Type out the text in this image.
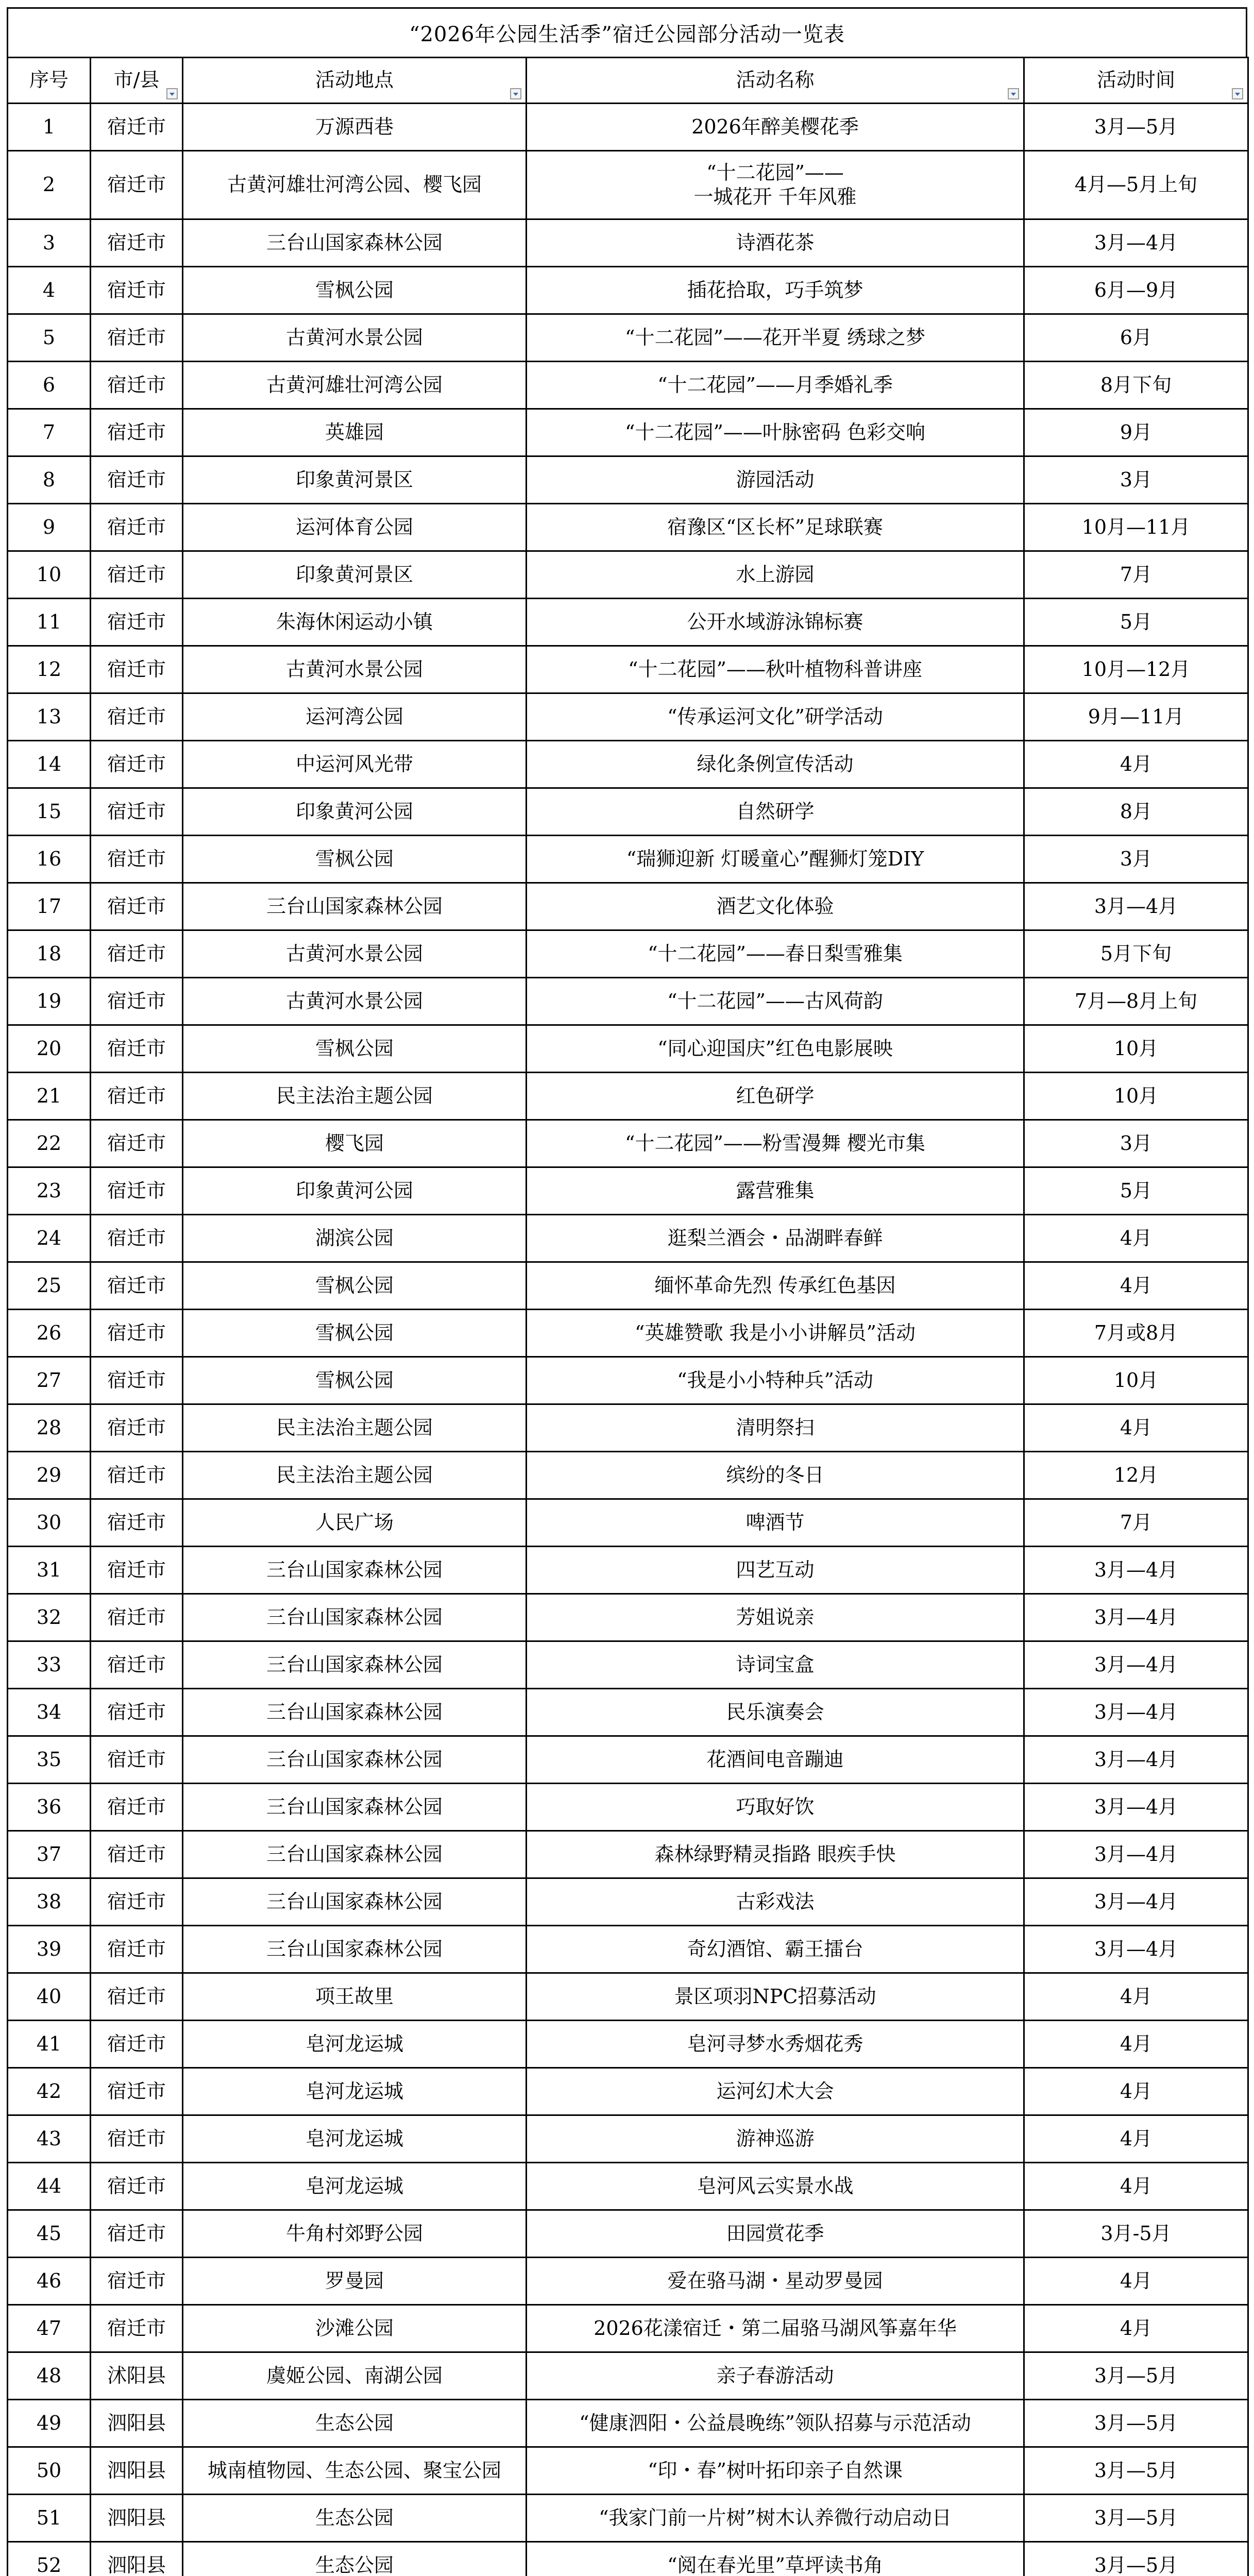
“2026年公园生活季”宿迁公园部分活动一览表
序号	市/县	活动地点	活动名称	活动时间

1	宿迁市	万源西巷	2026年醉美樱花季	3月—5月
2	宿迁市	古黄河雄壮河湾公园、樱飞园	“十二花园”——
一城花开 千年风雅	4月—5月上旬
3	宿迁市	三台山国家森林公园	诗酒花茶	3月—4月
4	宿迁市	雪枫公园	插花拾取，巧手筑梦	6月—9月
5	宿迁市	古黄河水景公园	“十二花园”——花开半夏 绣球之梦	6月
6	宿迁市	古黄河雄壮河湾公园	“十二花园”——月季婚礼季	8月下旬
7	宿迁市	英雄园	“十二花园”——叶脉密码 色彩交响	9月
8	宿迁市	印象黄河景区	游园活动	3月
9	宿迁市	运河体育公园	宿豫区“区长杯”足球联赛	10月—11月
10	宿迁市	印象黄河景区	水上游园	7月
11	宿迁市	朱海休闲运动小镇	公开水域游泳锦标赛	5月
12	宿迁市	古黄河水景公园	“十二花园”——秋叶植物科普讲座	10月—12月
13	宿迁市	运河湾公园	“传承运河文化”研学活动	9月—11月
14	宿迁市	中运河风光带	绿化条例宣传活动	4月
15	宿迁市	印象黄河公园	自然研学	8月
16	宿迁市	雪枫公园	“瑞狮迎新 灯暖童心”醒狮灯笼DIY	3月
17	宿迁市	三台山国家森林公园	酒艺文化体验	3月—4月
18	宿迁市	古黄河水景公园	“十二花园”——春日梨雪雅集	5月下旬
19	宿迁市	古黄河水景公园	“十二花园”——古风荷韵	7月—8月上旬
20	宿迁市	雪枫公园	“同心迎国庆”红色电影展映	10月
21	宿迁市	民主法治主题公园	红色研学	10月
22	宿迁市	樱飞园	“十二花园”——粉雪漫舞 樱光市集	3月
23	宿迁市	印象黄河公园	露营雅集	5月
24	宿迁市	湖滨公园	逛梨兰酒会・品湖畔春鲜	4月
25	宿迁市	雪枫公园	缅怀革命先烈 传承红色基因	4月
26	宿迁市	雪枫公园	“英雄赞歌 我是小小讲解员”活动	7月或8月
27	宿迁市	雪枫公园	“我是小小特种兵”活动	10月
28	宿迁市	民主法治主题公园	清明祭扫	4月
29	宿迁市	民主法治主题公园	缤纷的冬日	12月
30	宿迁市	人民广场	啤酒节	7月
31	宿迁市	三台山国家森林公园	四艺互动	3月—4月
32	宿迁市	三台山国家森林公园	芳姐说亲	3月—4月
33	宿迁市	三台山国家森林公园	诗词宝盒	3月—4月
34	宿迁市	三台山国家森林公园	民乐演奏会	3月—4月
35	宿迁市	三台山国家森林公园	花酒间电音蹦迪	3月—4月
36	宿迁市	三台山国家森林公园	巧取好饮	3月—4月
37	宿迁市	三台山国家森林公园	森林绿野精灵指路 眼疾手快	3月—4月
38	宿迁市	三台山国家森林公园	古彩戏法	3月—4月
39	宿迁市	三台山国家森林公园	奇幻酒馆、霸王擂台	3月—4月
40	宿迁市	项王故里	景区项羽NPC招募活动	4月
41	宿迁市	皂河龙运城	皂河寻梦水秀烟花秀	4月
42	宿迁市	皂河龙运城	运河幻术大会	4月
43	宿迁市	皂河龙运城	游神巡游	4月
44	宿迁市	皂河龙运城	皂河风云实景水战	4月
45	宿迁市	牛角村郊野公园	田园赏花季	3月-5月
46	宿迁市	罗曼园	爱在骆马湖・星动罗曼园	4月
47	宿迁市	沙滩公园	2026花漾宿迁・第二届骆马湖风筝嘉年华	4月
48	沭阳县	虞姬公园、南湖公园	亲子春游活动	3月—5月
49	泗阳县	生态公园	“健康泗阳・公益晨晚练”领队招募与示范活动	3月—5月
50	泗阳县	城南植物园、生态公园、聚宝公园	“印・春”树叶拓印亲子自然课	3月—5月
51	泗阳县	生态公园	“我家门前一片树”树木认养微行动启动日	3月—5月
52	泗阳县	生态公园	“阅在春光里”草坪读书角	3月—5月
